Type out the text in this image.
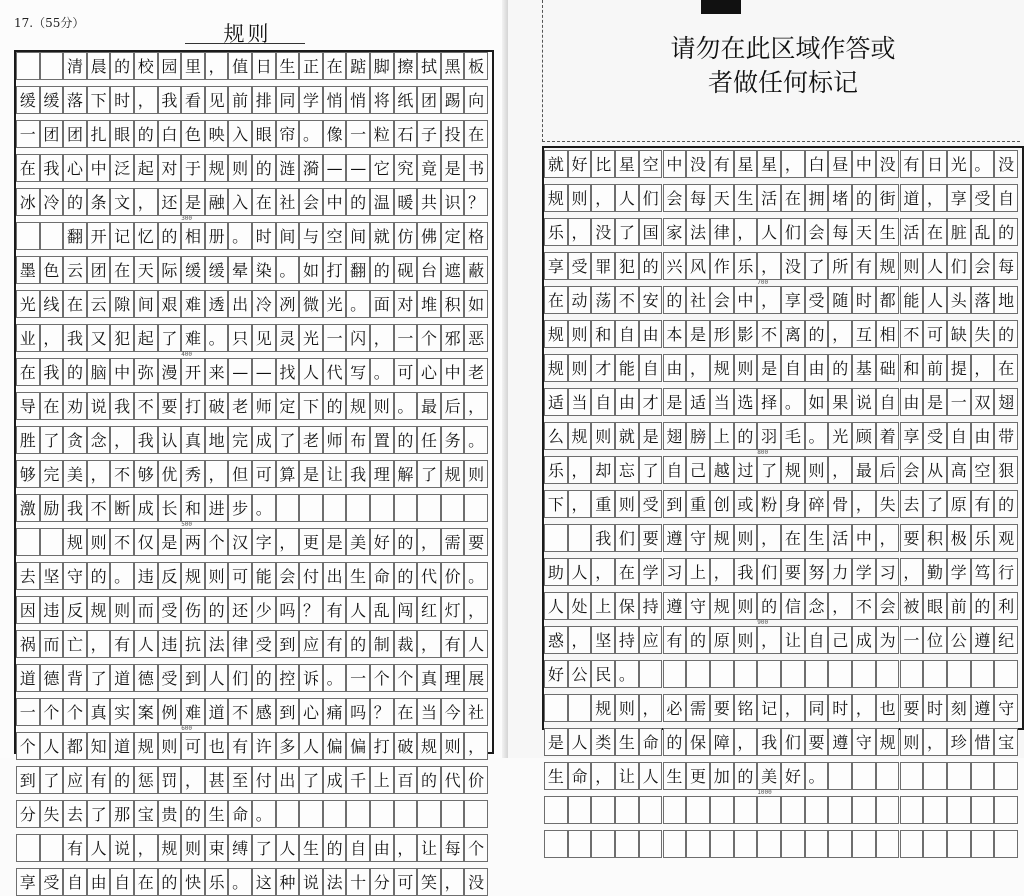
17.（55分）	规则
清 晨 的 校 园 里 ， 值 日 生 正 在 踮 脚 擦 拭 黑 板
缓 缓 落 下 时 ， 我 看 见 前 排 同 学 悄 悄 将 纸 团 踢 向
一 团 团 扎 眼 的 白 色 映 入 眼 帘 。 像 一 粒 石 子 投 在
在 我 心 中 泛 起 对 于 规 则 的 涟 漪 — — 它 究 竟 是 书
冰 冷 的 条 文 ， 还 是 融 入 在 社 会 中 的 温 暖 共 识 ？
翻 开 记 忆 的 相 册 。 时 间 与 空 间 就 仿 佛 定 格
墨 色 云 团 在 天 际 缓 缓 晕 染 。 如 打 翻 的 砚 台 遮 蔽
光 线 在 云 隙 间 艰 难 透 出 冷 冽 微 光 。 面 对 堆 积 如
业 ， 我 又 犯 起 了 难 。 只 见 灵 光 一 闪 ， 一 个 邪 恶
在 我 的 脑 中 弥 漫 开 来 — — 找 人 代 写 。 可 心 中 老
导 在 劝 说 我 不 要 打 破 老 师 定 下 的 规 则 。 最 后 ，
胜 了 贪 念 ， 我 认 真 地 完 成 了 老 师 布 置 的 任 务 。
够 完 美 ， 不 够 优 秀 ， 但 可 算 是 让 我 理 解 了 规 则
激 励 我 不 断 成 长 和 进 步 。
规 则 不 仅 是 两 个 汉 字 ， 更 是 美 好 的 ， 需 要
去 坚 守 的 。 违 反 规 则 可 能 会 付 出 生 命 的 代 价 。
因 违 反 规 则 而 受 伤 的 还 少 吗 ？ 有 人 乱 闯 红 灯 ，
祸 而 亡 ， 有 人 违 抗 法 律 受 到 应 有 的 制 裁 ， 有 人
道 德 背 了 道 德 受 到 人 们 的 控 诉 。 一 个 个 真 理 展
一 个 个 真 实 案 例 难 道 不 感 到 心 痛 吗 ？ 在 当 今 社
个 人 都 知 道 规 则 可 也 有 许 多 人 偏 偏 打 破 规 则 ，
到 了 应 有 的 惩 罚 ， 甚 至 付 出 了 成 千 上 百 的 代 价
分 失 去 了 那 宝 贵 的 生 命 。
有 人 说 ， 规 则 束 缚 了 人 生 的 自 由 ， 让 每 个
享 受 自 由 自 在 的 快 乐 。 这 种 说 法 十 分 可 笑 ， 没
300
400
500
600
请勿在此区域作答或
者做任何标记
就 好 比 星 空 中 没 有 星 星 ， 白 昼 中 没 有 日 光 。 没
规 则 ， 人 们 会 每 天 生 活 在 拥 堵 的 街 道 ， 享 受 自
乐 ， 没 了 国 家 法 律 ， 人 们 会 每 天 生 活 在 脏 乱 的
享 受 罪 犯 的 兴 风 作 乐 ， 没 了 所 有 规 则 人 们 会 每
在 动 荡 不 安 的 社 会 中 ， 享 受 随 时 都 能 人 头 落 地
规 则 和 自 由 本 是 形 影 不 离 的 ， 互 相 不 可 缺 失 的
规 则 才 能 自 由 ， 规 则 是 自 由 的 基 础 和 前 提 ， 在
适 当 自 由 才 是 适 当 选 择 。 如 果 说 自 由 是 一 双 翅
么 规 则 就 是 翅 膀 上 的 羽 毛 。 光 顾 着 享 受 自 由 带
乐 ， 却 忘 了 自 己 越 过 了 规 则 ， 最 后 会 从 高 空 狠
下 ， 重 则 受 到 重 创 或 粉 身 碎 骨 ， 失 去 了 原 有 的
我 们 要 遵 守 规 则 ， 在 生 活 中 ， 要 积 极 乐 观
助 人 ， 在 学 习 上 ， 我 们 要 努 力 学 习 ， 勤 学 笃 行
人 处 上 保 持 遵 守 规 则 的 信 念 ， 不 会 被 眼 前 的 利
惑 ， 坚 持 应 有 的 原 则 ， 让 自 己 成 为 一 位 公 遵 纪
好 公 民 。
规 则 ， 必 需 要 铭 记 ， 同 时 ， 也 要 时 刻 遵 守
是 人 类 生 命 的 保 障 ， 我 们 要 遵 守 规 则 ， 珍 惜 宝
生 命 ， 让 人 生 更 加 的 美 好 。
700
800
900
1000
